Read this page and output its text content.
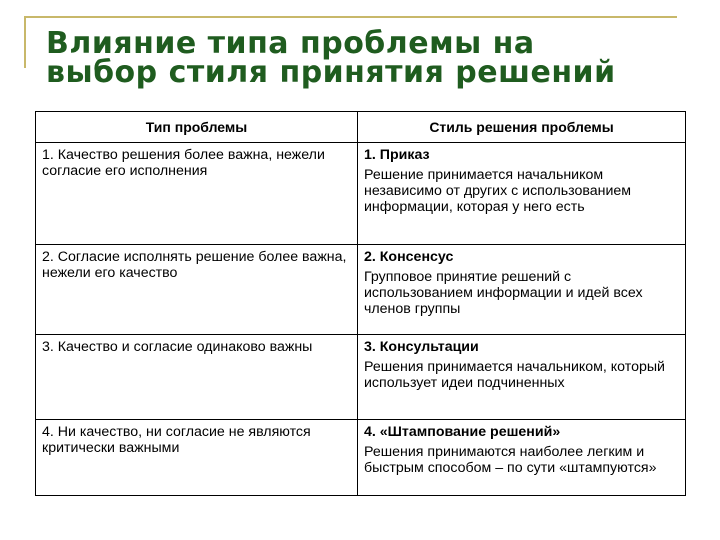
Влияние типа проблемы на
выбор стиля принятия решений
Тип проблемы	Стиль решения проблемы
1. Качество решения более важна, нежели согласие его исполнения	1. Приказ
Решение принимается начальником независимо от других с использованием информации, которая у него есть
2. Согласие исполнять решение более важна, нежели его качество	2. Консенсус
Групповое принятие решений с использованием информации и идей всех членов группы
3. Качество и согласие одинаково важны	3. Консультации
Решения принимается начальником, который использует идеи подчиненных
4. Ни качество, ни согласие не являются критически важными	4. «Штампование решений»
Решения принимаются наиболее легким и быстрым способом – по сути «штампуются»
